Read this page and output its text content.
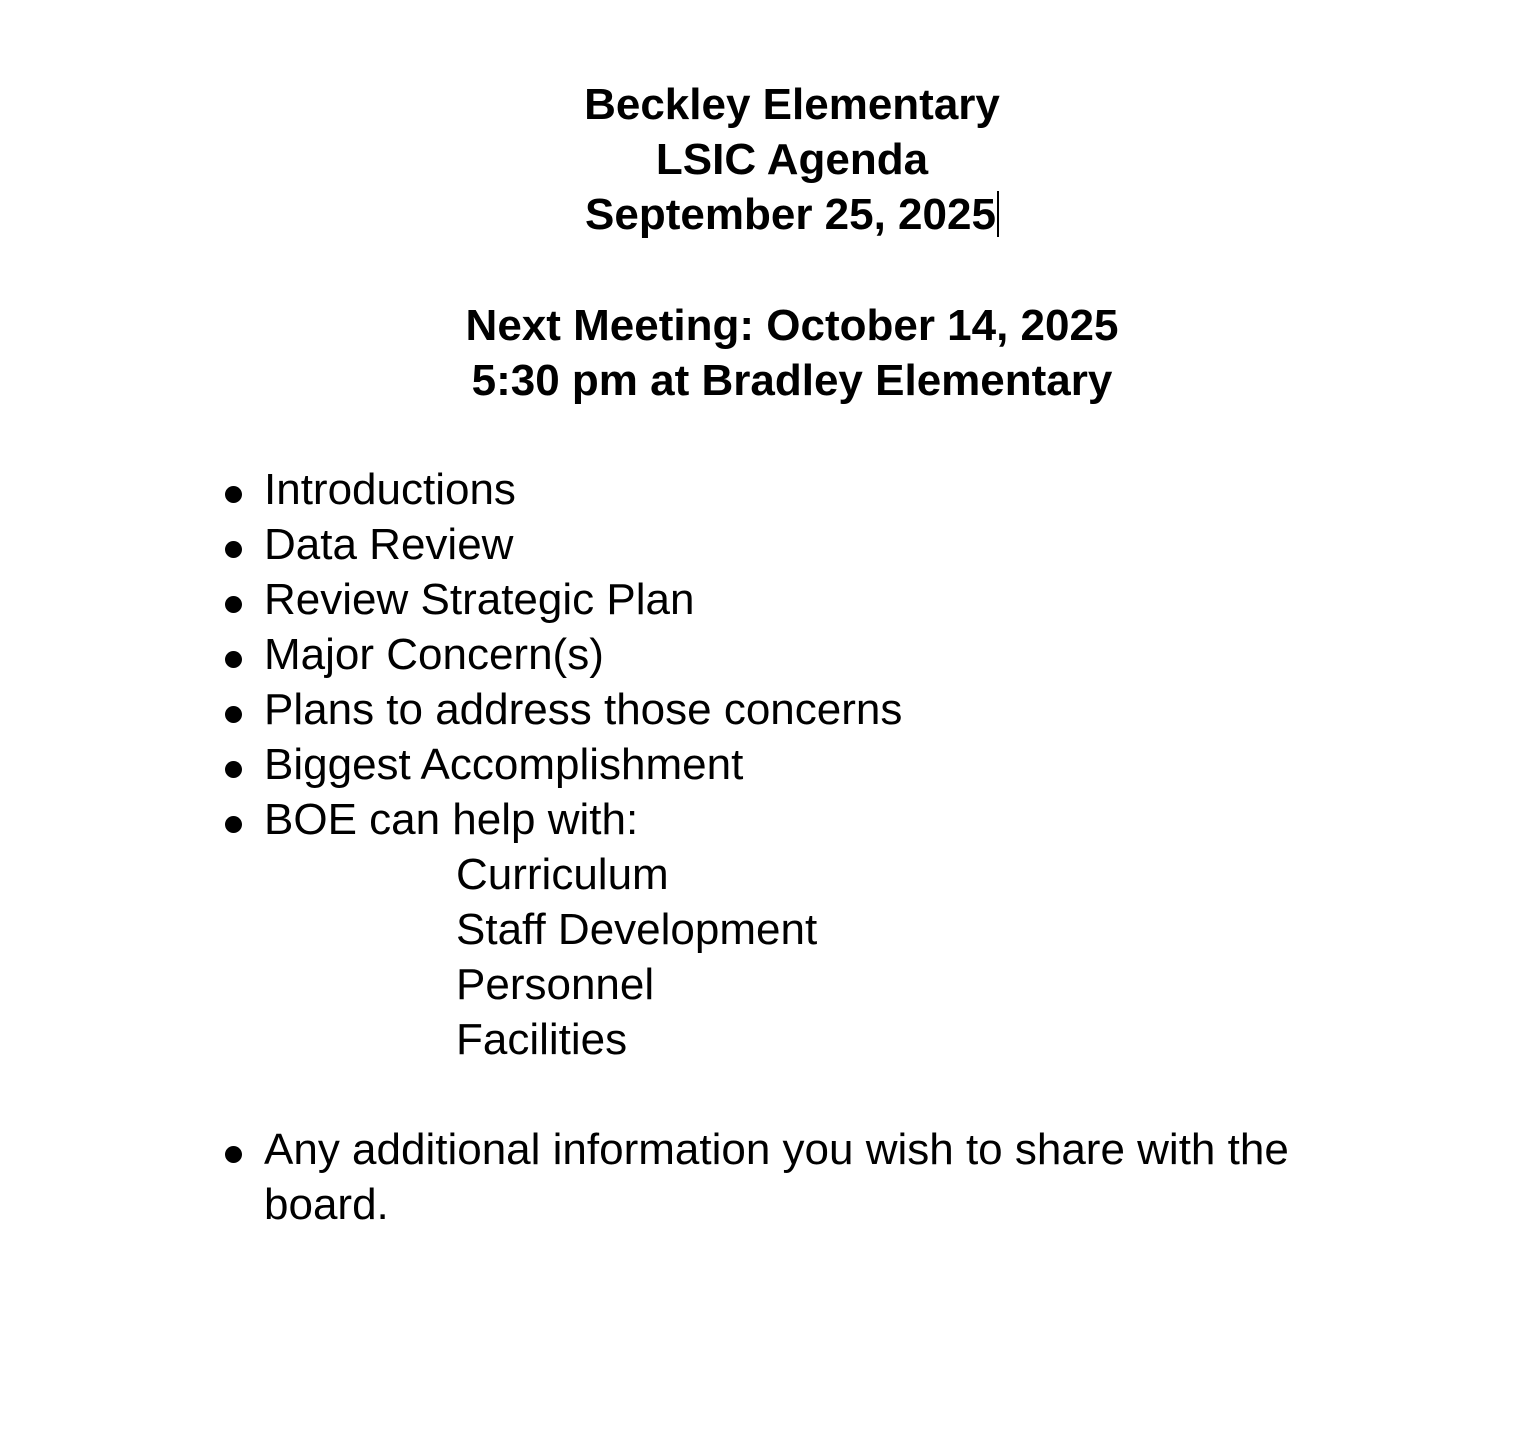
Beckley Elementary
LSIC Agenda
September 25, 2025
Next Meeting: October 14, 2025
5:30 pm at Bradley Elementary
Introductions
Data Review
Review Strategic Plan
Major Concern(s)
Plans to address those concerns
Biggest Accomplishment
BOE can help with:
Curriculum
Staff Development
Personnel
Facilities
Any additional information you wish to share with the board.
